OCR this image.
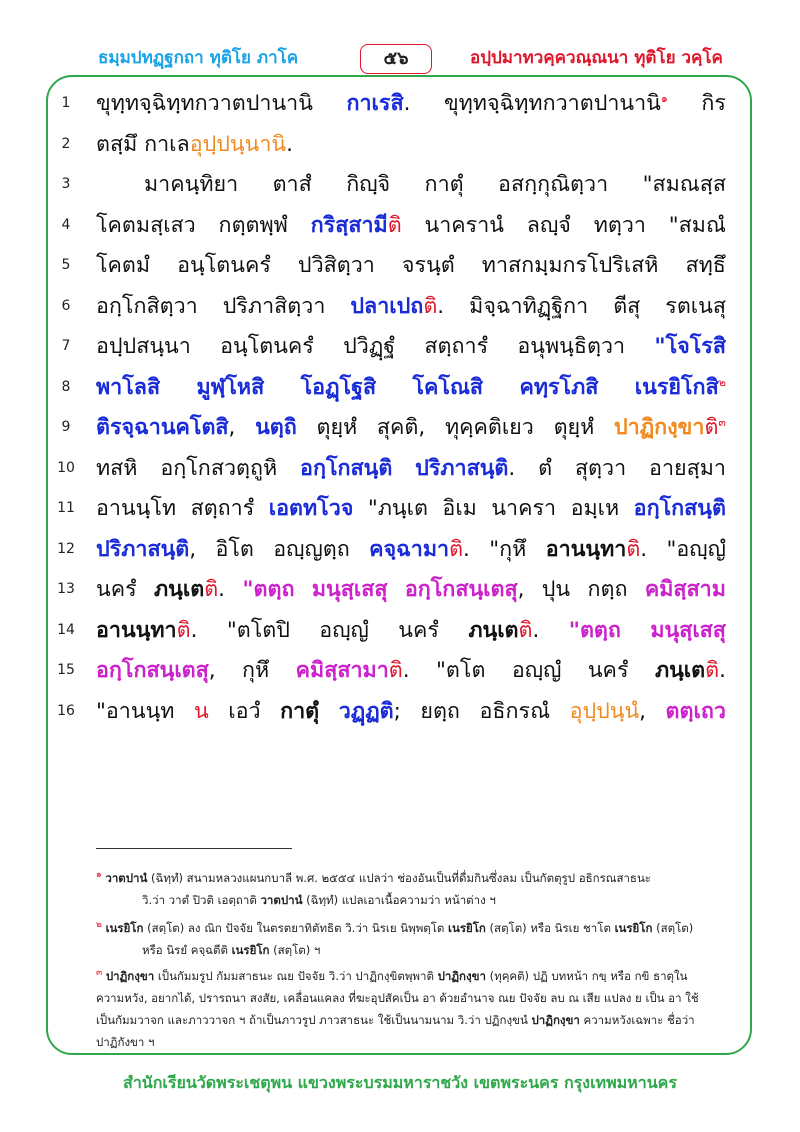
ธมฺมปทฏฺฐกถา ทุติโย ภาโค	๕๖	อปฺปมาทวคฺควณฺณนา ทุติโย วคฺโค
1	ขุทฺทจฺฉิทฺทกวาตปานานิ กาเรสิ. ขุทฺทจฺฉิทฺทกวาตปานานิ$^๑$ กิร
2	ตสฺมึ กาเล อุปฺปนฺนานิ.
3	มาคนฺทิยา ตาสํ กิญฺจิ กาตุํ อสกฺกุณิตฺวา "สมณสฺส
4	โคตมสฺเสว กตฺตพฺพํ กริสฺสามีติ นาครานํ ลญฺจํ ทตฺวา "สมณํ
5	โคตมํ อนฺโตนครํ ปวิสิตฺวา จรนฺตํ ทาสกมฺมกรโปริเสหิ สทฺธึ
6	อกฺโกสิตฺวา ปริภาสิตฺวา ปลาเปถติ. มิจฺฉาทิฏฺฐิกา ตีสุ รตเนสุ
7	อปฺปสนฺนา อนฺโตนครํ ปวิฏฺฐํ สตฺถารํ อนุพนฺธิตฺวา "โจโรสิ
8	พาโลสิ มูฬฺโหสิ โอฏฺโฐสิ โคโณสิ คทฺรโภสิ เนรยิโกสิ$^๒$
9	ติรจฺฉานคโตสิ, นตฺถิ ตุยฺหํ สุคติ, ทุคฺคติเยว ตุยฺหํ ปาฏิกงฺขาติ$^๓$
10 ทสหิ อกฺโกสวตฺถูหิ อกฺโกสนฺติ ปริภาสนฺติ. ตํ สุตฺวา อายสฺมา
11 อานนฺโท สตฺถารํ เอตทโวจ "ภนฺเต อิเม นาครา อมฺเห อกฺโกสนฺติ
12 ปริภาสนฺติ, อิโต อญฺญตฺถ คจฺฉามาติ. "กุหึ อานนฺทาติ. "อญฺญํ
13 นครํ ภนฺเตติ. "ตตฺถ มนุสฺเสสุ อกฺโกสนฺเตสุ, ปุน กตฺถ คมิสฺสาม
14 อานนฺทาติ. "ตโตปิ อญฺญํ นครํ ภนฺเตติ. "ตตฺถ มนุสฺเสสุ
15 อกฺโกสนฺเตสุ, กุหึ คมิสฺสามาติ. "ตโต อญฺญํ นครํ ภนฺเตติ.
16 "อานนฺท น เอวํ กาตุํ วฏฺฏติ; ยตฺถ อธิกรณํ อุปฺปนฺนํ, ตตฺเถว
$^๑$ วาตปานํ (ฉิทฺทํ) สนามหลวงแผนกบาลี พ.ศ. ๒๕๕๔ แปลว่า ช่องอันเป็นที่ดื่มกินซึ่งลม เป็นกัตตุรูป อธิกรณสาธนะ
วิ.ว่า วาตํ ปิวติ เอตฺถาติ วาตปานํ (ฉิทฺทํ) แปลเอาเนื้อความว่า หน้าต่าง ฯ
$^๒$ เนรยิโก (สตฺโต) ลง ณิก ปัจจัย ในตรตยาทิตัทธิต วิ.ว่า นิรเย นิพฺพตฺโต เนรยิโก (สตฺโต) หรือ นิรเย ชาโต เนรยิโก (สตฺโต)
หรือ นิรยํ คจฺฉตีติ เนรยิโก (สตฺโต) ฯ
$^๓$ ปาฏิกงฺขา เป็นกัมมรูป กัมมสาธนะ ณย ปัจจัย วิ.ว่า ปาฏิกงฺขิตพฺพาติ ปาฏิกงฺขา (ทุคฺคติ) ปฏิ บทหน้า กขฺ หรือ กขิ ธาตุใน
ความหวัง, อยากได้, ปรารถนา สงสัย, เคลื่อนแคลง ที่ฆะอุปสัคเป็น อา ด้วยอำนาจ ณย ปัจจัย ลบ ณ เสีย แปลง ย เป็น อา ใช้
เป็นกัมมวาจก และภาววาจก ฯ ถ้าเป็นภาวรูป ภาวสาธนะ ใช้เป็นนามนาม วิ.ว่า ปฏิกงฺขนํ ปาฏิกงฺขา ความหวังเฉพาะ ชื่อว่า
ปาฏิกังขา ฯ
สำนักเรียนวัดพระเชตุพน แขวงพระบรมมหาราชวัง เขตพระนคร กรุงเทพมหานคร
